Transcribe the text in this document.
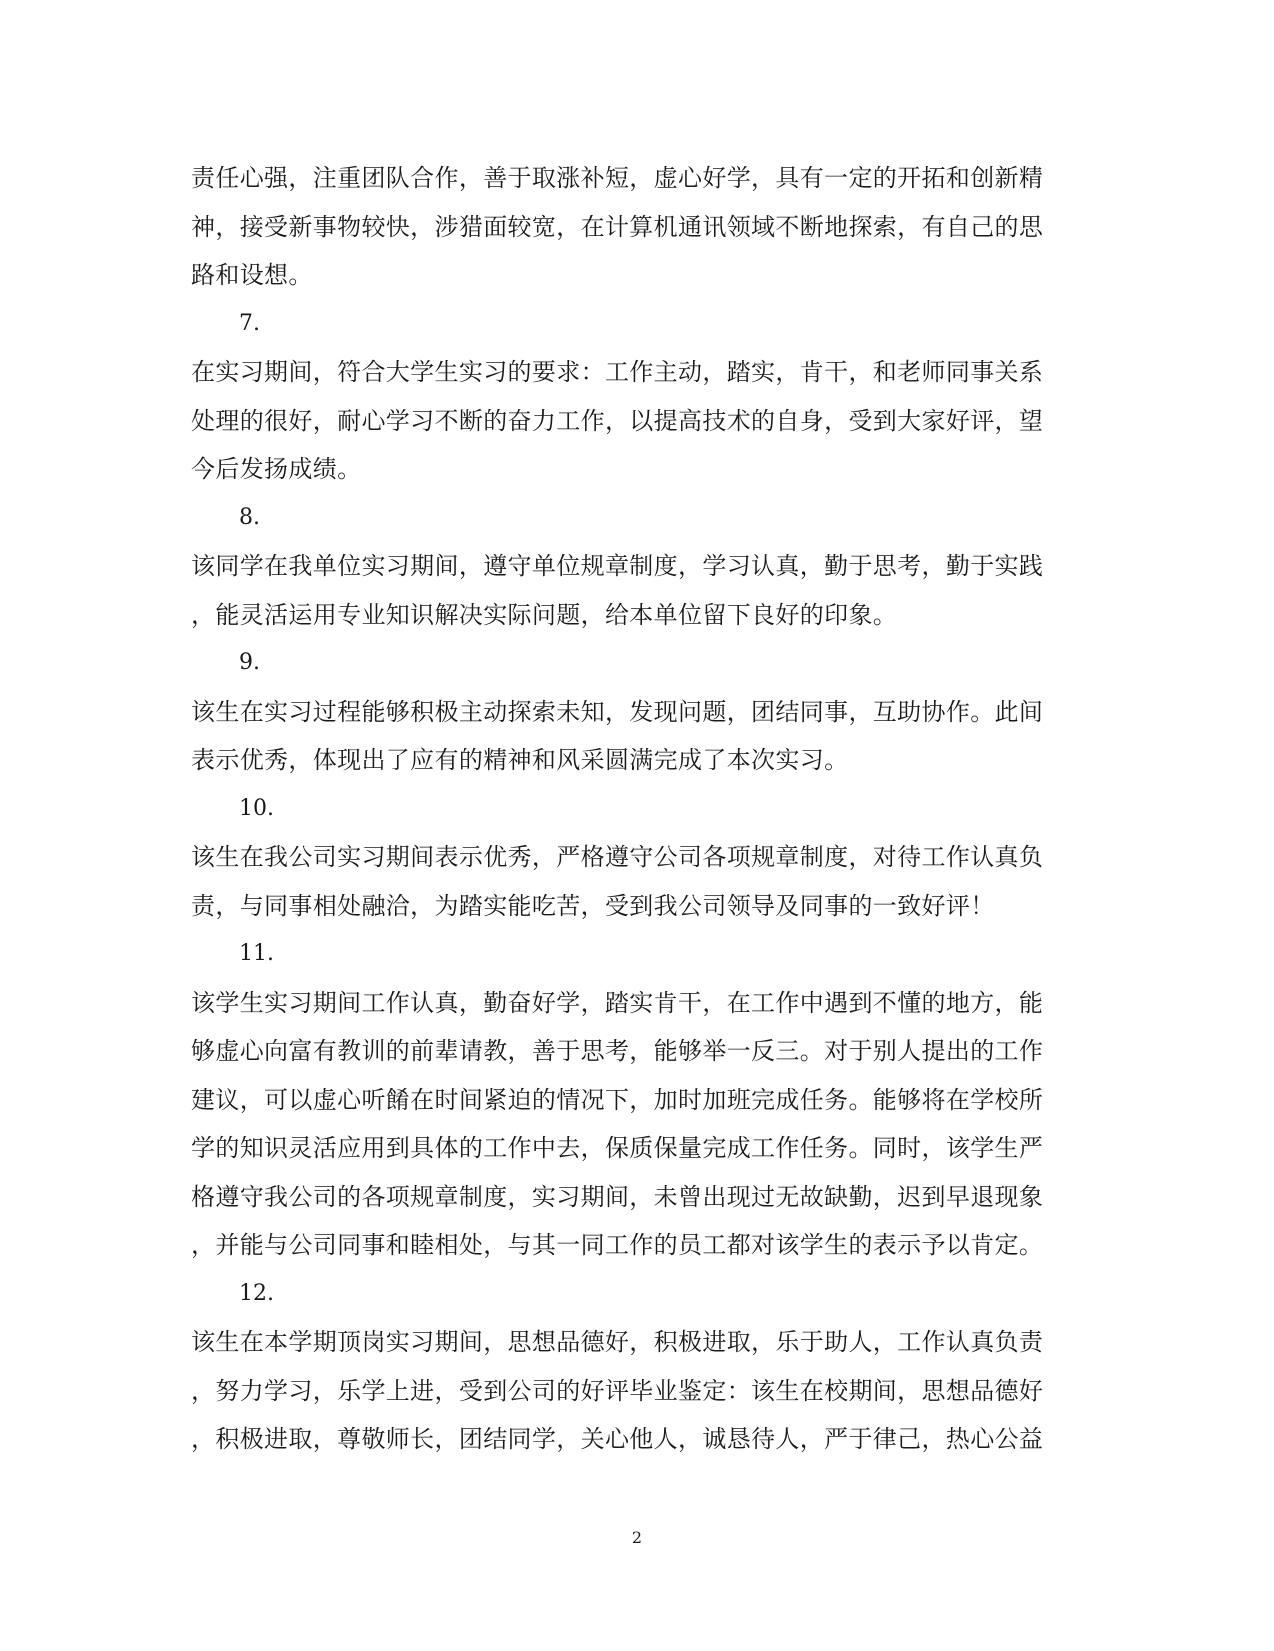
责任心强，注重团队合作，善于取涨补短，虚心好学，具有一定的开拓和创新精
神，接受新事物较快，涉猎面较宽，在计算机通讯领域不断地探索，有自己的思
路和设想。
7.
在实习期间，符合大学生实习的要求：工作主动，踏实，肯干，和老师同事关系
处理的很好，耐心学习不断的奋力工作，以提高技术的自身，受到大家好评，望
今后发扬成绩。
8.
该同学在我单位实习期间，遵守单位规章制度，学习认真，勤于思考，勤于实践
，能灵活运用专业知识解决实际问题，给本单位留下良好的印象。
9.
该生在实习过程能够积极主动探索未知，发现问题，团结同事，互助协作。此间
表示优秀，体现出了应有的精神和风采圆满完成了本次实习。
10.
该生在我公司实习期间表示优秀，严格遵守公司各项规章制度，对待工作认真负
责，与同事相处融洽，为踏实能吃苦，受到我公司领导及同事的一致好评！
11.
该学生实习期间工作认真，勤奋好学，踏实肯干，在工作中遇到不懂的地方，能
够虚心向富有教训的前辈请教，善于思考，能够举一反三。对于别人提出的工作
建议，可以虚心听餚在时间紧迫的情况下，加时加班完成任务。能够将在学校所
学的知识灵活应用到具体的工作中去，保质保量完成工作任务。同时，该学生严
格遵守我公司的各项规章制度，实习期间，未曾出现过无故缺勤，迟到早退现象
，并能与公司同事和睦相处，与其一同工作的员工都对该学生的表示予以肯定。
12.
该生在本学期顶岗实习期间，思想品德好，积极进取，乐于助人，工作认真负责
，努力学习，乐学上进，受到公司的好评毕业鉴定：该生在校期间，思想品德好
，积极进取，尊敬师长，团结同学，关心他人，诚恳待人，严于律己，热心公益
2
